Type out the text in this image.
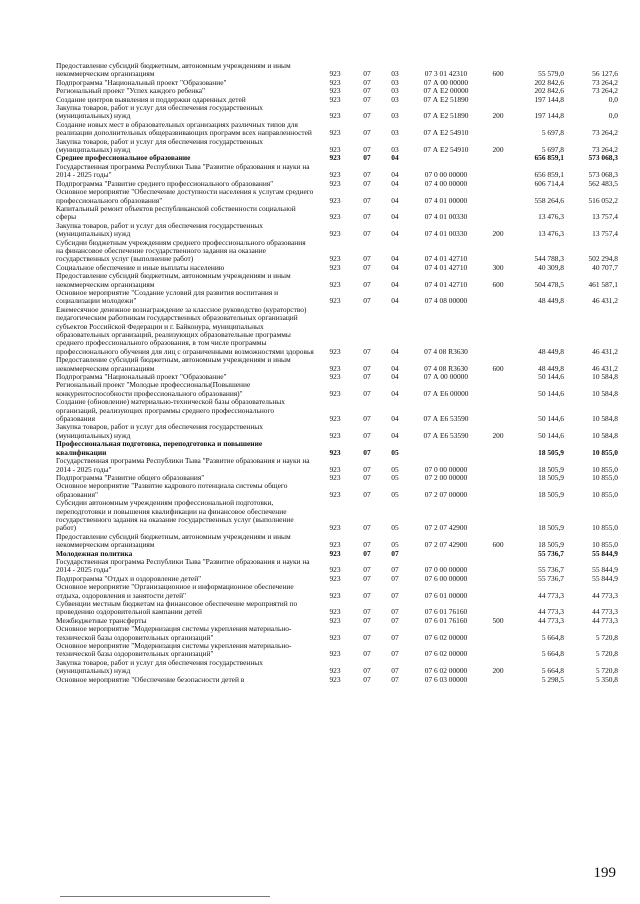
Предоставление субсидий бюджетным, автономным учреждениям и иным некоммерческим организациям	923	07	03	07 3 01 42310	600	55 579,0	56 127,6
Подпрограмма "Национальный проект "Образование"	923	07	03	07 А 00 00000		202 842,6	73 264,2
Региональный проект "Успех каждого ребенка"	923	07	03	07 А Е2 00000		202 842,6	73 264,2
Создание центров выявления и поддержки одаренных детей	923	07	03	07 А Е2 51890		197 144,8	0,0
Закупка товаров, работ и услуг для обеспечения государственных (муниципальных) нужд	923	07	03	07 А Е2 51890	200	197 144,8	0,0
Создание новых мест в образовательных организациях различных типов для реализации дополнительных общеразвивающих программ всех направленностей	923	07	03	07 А Е2 54910		5 697,8	73 264,2
Закупка товаров, работ и услуг для обеспечения государственных (муниципальных) нужд	923	07	03	07 А Е2 54910	200	5 697,8	73 264,2
Среднее профессиональное образование	923	07	04			656 859,1	573 068,3
Государственная программа Республики Тыва "Развитие образования и науки на 2014 - 2025 годы"	923	07	04	07 0 00 00000		656 859,1	573 068,3
Подпрограмма "Развитие среднего профессионального образования"	923	07	04	07 4 00 00000		606 714,4	562 483,5
Основное мероприятие "Обеспечение доступности населения к услугам среднего профессионального образования"	923	07	04	07 4 01 00000		558 264,6	516 052,2
Капитальный ремонт объектов республиканской собственности социальной сферы	923	07	04	07 4 01 00330		13 476,3	13 757,4
Закупка товаров, работ и услуг для обеспечения государственных (муниципальных) нужд	923	07	04	07 4 01 00330	200	13 476,3	13 757,4
Субсидии бюджетным учреждениям среднего профессионального образования на финансовое обеспечение государственного задания на оказание государственных услуг (выполнение работ)	923	07	04	07 4 01 42710		544 788,3	502 294,8
Социальное обеспечение и иные выплаты населению	923	07	04	07 4 01 42710	300	40 309,8	40 707,7
Предоставление субсидий бюджетным, автономным учреждениям и иным некоммерческим организациям	923	07	04	07 4 01 42710	600	504 478,5	461 587,1
Основное мероприятие "Создание условий для развития воспитания и социализации молодежи"	923	07	04	07 4 08 00000		48 449,8	46 431,2
Ежемесячное денежное вознаграждение за классное руководство (кураторство) педагогическим работникам государственных образовательных организаций субъектов Российской Федерации и г. Байконура, муниципальных образовательных организаций, реализующих образовательные программы среднего профессионального образования, в том числе программы профессионального обучения для лиц с ограниченными возможностями здоровья	923	07	04	07 4 08 R3630		48 449,8	46 431,2
Предоставление субсидий бюджетным, автономным учреждениям и иным некоммерческим организациям	923	07	04	07 4 08 R3630	600	48 449,8	46 431,2
Подпрограмма "Национальный проект "Образование"	923	07	04	07 А 00 00000		50 144,6	10 584,8
Региональный проект "Молодые профессионалы(Повышение конкурентоспособности профессионального образования)"	923	07	04	07 А Е6 00000		50 144,6	10 584,8
Создание (обновление) материально-технической базы образовательных организаций, реализующих программы среднего профессионального образования	923	07	04	07 А Е6 53590		50 144,6	10 584,8
Закупка товаров, работ и услуг для обеспечения государственных (муниципальных) нужд	923	07	04	07 А Е6 53590	200	50 144,6	10 584,8
Профессиональная подготовка, переподготовка и повышение квалификации	923	07	05			18 505,9	10 855,0
Государственная программа Республики Тыва "Развитие образования и науки на 2014 - 2025 годы"	923	07	05	07 0 00 00000		18 505,9	10 855,0
Подпрограмма "Развитие общего образования"	923	07	05	07 2 00 00000		18 505,9	10 855,0
Основное мероприятие "Развитие кадрового потенциала системы общего образования"	923	07	05	07 2 07 00000		18 505,9	10 855,0
Субсидии автономным учреждениям профессиональной подготовки, переподготовки и повышения квалификации на финансовое обеспечение государственного задания на оказание государственных услуг (выполнение работ)	923	07	05	07 2 07 42900		18 505,9	10 855,0
Предоставление субсидий бюджетным, автономным учреждениям и иным некоммерческим организациям	923	07	05	07 2 07 42900	600	18 505,9	10 855,0
Молодежная политика	923	07	07			55 736,7	55 844,9
Государственная программа Республики Тыва "Развитие образования и науки на 2014 - 2025 годы"	923	07	07	07 0 00 00000		55 736,7	55 844,9
Подпрограмма "Отдых и оздоровление детей"	923	07	07	07 6 00 00000		55 736,7	55 844,9
Основное мероприятие "Организационное и информационное обеспечение отдыха, оздоровления и занятости детей"	923	07	07	07 6 01 00000		44 773,3	44 773,3
Субвенции местным бюджетам на финансовое обеспечение мероприятий по проведению оздоровительной кампании детей	923	07	07	07 6 01 76160		44 773,3	44 773,3
Межбюджетные трансферты	923	07	07	07 6 01 76160	500	44 773,3	44 773,3
Основное мероприятие "Модернизация системы укрепления материально-технической базы оздоровительных организаций"	923	07	07	07 6 02 00000		5 664,8	5 720,8
Основное мероприятие "Модернизация системы укрепления материально-технической базы оздоровительных организаций"	923	07	07	07 6 02 00000		5 664,8	5 720,8
Закупка товаров, работ и услуг для обеспечения государственных (муниципальных) нужд	923	07	07	07 6 02 00000	200	5 664,8	5 720,8
Основное мероприятие "Обеспечение безопасности детей в	923	07	07	07 6 03 00000		5 298,5	5 350,8
199
